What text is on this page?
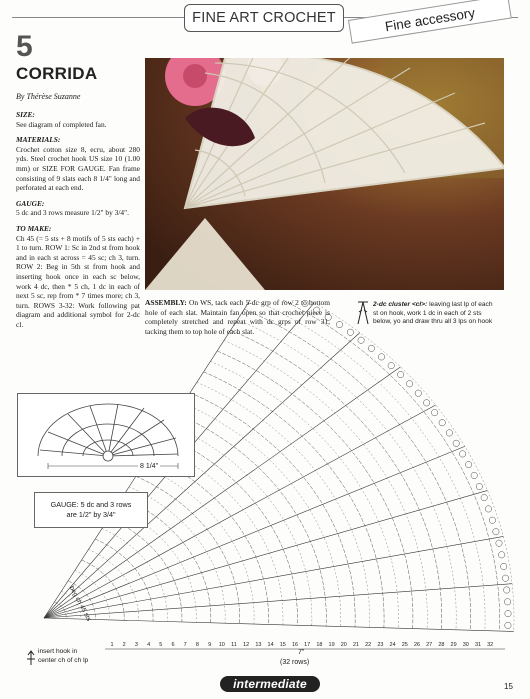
FINE ART CROCHET	Fine accessory
5
CORRIDA
By Thérèse Suzanne

SIZE:

See diagram of completed fan.

MATERIALS:

Crochet cotton size 8, ecru, about 280 yds. Steel crochet hook US size 10 (1.00 mm) or SIZE FOR GAUGE. Fan frame consisting of 9 slats each 8 1/4" long and perforated at each end.

GAUGE:

5 dc and 3 rows measure 1/2" by 3/4".

TO MAKE:

Ch 45 (= 5 sts + 8 motifs of 5 sts each) + 1 to turn. ROW 1: Sc in 2nd st from hook and in each st across = 45 sc; ch 3, turn. ROW 2: Beg in 5th st from hook and inserting hook once in each sc below, work 4 dc, then * 5 ch, 1 dc in each of next 5 sc, rep from * 7 times more; ch 3, turn. ROWS 3-32: Work following pat diagram and additional symbol for 2-dc cl.

ASSEMBLY: On WS, tack each 5-dc grp of row 2 to bottom hole of each slat. Maintain fan open so that crochet piece is completely stretched and repeat with dc grps of row 31, tacking them to top hole of each slat.
2-dc cluster <cl>: leaving last lp of each st on hook, work 1 dc in each of 2 sts below, yo and draw thru all 3 lps on hook
1 2 3 4 5 6 7 8 9 10 11 12 13 14 15 16 17 18 19 20 21 22 23 24 25 26 27 28 29 30 31 32
8 1/4"
GAUGE: 5 dc and 3 rows
are 1/2" by 3/4"
beg ch 45 sts
insert hook in
center ch of ch lp	(32 rows)
7"
intermediate	15
